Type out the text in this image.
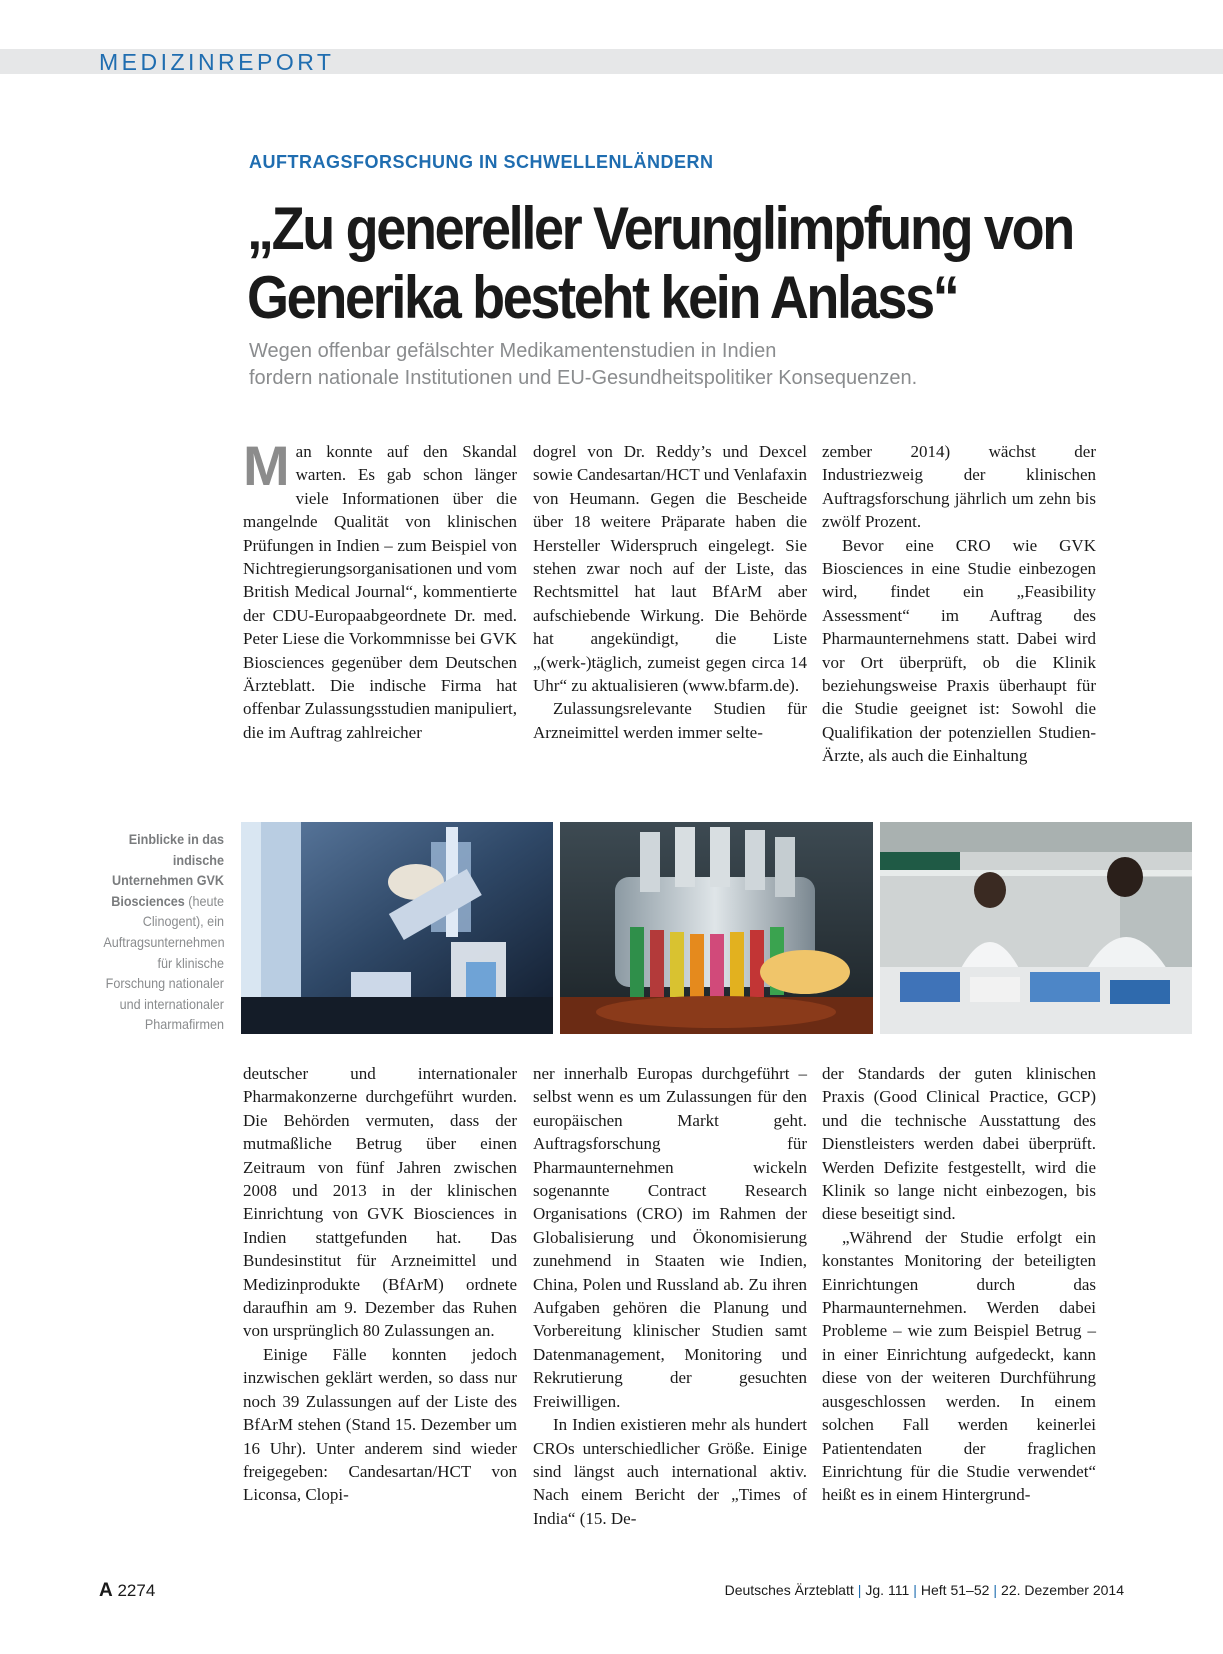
MEDIZINREPORT
AUFTRAGSFORSCHUNG IN SCHWELLENLÄNDERN
„Zu genereller Verunglimpfung von
Generika besteht kein Anlass“
Wegen offenbar gefälschter Medikamentenstudien in Indien
fordern nationale Institutionen und EU-Gesundheitspolitiker Konsequenzen.

Man konnte auf den Skandal warten. Es gab schon länger viele Informationen über die mangelnde Qualität von klinischen Prüfungen in Indien – zum Beispiel von Nichtregierungsorganisationen und vom British Medical Journal“, kommentierte der CDU-Europaabgeordnete Dr. med. Peter Liese die Vorkommnisse bei GVK Biosciences gegenüber dem Deutschen Ärzteblatt. Die indische Firma hat offenbar Zulassungsstudien manipuliert, die im Auftrag zahlreicher

dogrel von Dr. Reddy’s und Dexcel sowie Candesartan/HCT und Venlafaxin von Heumann. Gegen die Bescheide über 18 weitere Präparate haben die Hersteller Widerspruch eingelegt. Sie stehen zwar noch auf der Liste, das Rechtsmittel hat laut BfArM aber aufschiebende Wirkung. Die Behörde hat angekündigt, die Liste „(werk-)täglich, zumeist gegen circa 14 Uhr“ zu aktualisieren (www.bfarm.de).

Zulassungsrelevante Studien für Arzneimittel werden immer selte-

zember 2014) wächst der Industriezweig der klinischen Auftragsforschung jährlich um zehn bis zwölf Prozent.

Bevor eine CRO wie GVK Biosciences in eine Studie einbezogen wird, findet ein „Feasibility Assessment“ im Auftrag des Pharmaunternehmens statt. Dabei wird vor Ort überprüft, ob die Klinik beziehungsweise Praxis überhaupt für die Studie geeignet ist: Sowohl die Qualifikation der potenziellen Studien-Ärzte, als auch die Einhaltung

Einblicke in das indische Unternehmen GVK Biosciences (heute Clinogent), ein Auftragsunternehmen für klinische Forschung nationaler und internationaler Pharmafirmen

deutscher und internationaler Pharmakonzerne durchgeführt wurden. Die Behörden vermuten, dass der mutmaßliche Betrug über einen Zeitraum von fünf Jahren zwischen 2008 und 2013 in der klinischen Einrichtung von GVK Biosciences in Indien stattgefunden hat. Das Bundesinstitut für Arzneimittel und Medizinprodukte (BfArM) ordnete daraufhin am 9. Dezember das Ruhen von ursprünglich 80 Zulassungen an.

Einige Fälle konnten jedoch inzwischen geklärt werden, so dass nur noch 39 Zulassungen auf der Liste des BfArM stehen (Stand 15. Dezember um 16 Uhr). Unter anderem sind wieder freigegeben: Candesartan/HCT von Liconsa, Clopi-

ner innerhalb Europas durchgeführt – selbst wenn es um Zulassungen für den europäischen Markt geht. Auftragsforschung für Pharmaunternehmen wickeln sogenannte Contract Research Organisations (CRO) im Rahmen der Globalisierung und Ökonomisierung zunehmend in Staaten wie Indien, China, Polen und Russland ab. Zu ihren Aufgaben gehören die Planung und Vorbereitung klinischer Studien samt Datenmanagement, Monitoring und Rekrutierung der gesuchten Freiwilligen.

In Indien existieren mehr als hundert CROs unterschiedlicher Größe. Einige sind längst auch international aktiv. Nach einem Bericht der „Times of India“ (15. De-

der Standards der guten klinischen Praxis (Good Clinical Practice, GCP) und die technische Ausstattung des Dienstleisters werden dabei überprüft. Werden Defizite festgestellt, wird die Klinik so lange nicht einbezogen, bis diese beseitigt sind.

„Während der Studie erfolgt ein konstantes Monitoring der beteiligten Einrichtungen durch das Pharmaunternehmen. Werden dabei Probleme – wie zum Beispiel Betrug – in einer Einrichtung aufgedeckt, kann diese von der weiteren Durchführung ausgeschlossen werden. In einem solchen Fall werden keinerlei Patientendaten der fraglichen Einrichtung für die Studie verwendet“ heißt es in einem Hintergrund-

A 2274	Deutsches Ärzteblatt | Jg. 111 | Heft 51–52 | 22. Dezember 2014
